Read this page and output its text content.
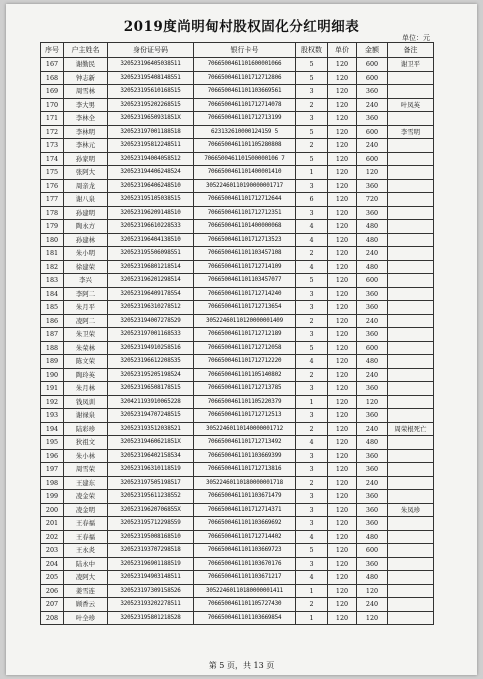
2019度尚明甸村股权固化分红明细表
单位：元
序号	户主姓名	身份证号码	银行卡号	股权数	单价	金额	备注
167	谢勤民	320523196405038511	7066500461101600001066	5	120	600	谢卫平
168	钟志新	320523195408148551	7066500461101712712806	5	120	600	
169	周雪林	320523195610168515	7066500461101103669561	3	120	360	
170	李大男	320523195202268515	7066500461101712714078	2	120	240	叶凤英
171	李林全	32052319650931851X	7066500461101712713199	3	120	360	
172	李林明	320523197001188518	623132610000124159 5	5	120	600	李雪明
173	李林元	320523195812248511	7066500461101105280808	2	120	240	
174	孙家明	320523194004058512	7066500461101500000106 7	5	120	600	
175	张阿大	320523194406248524	7066500461101400001410	1	120	120	
176	周亲龙	320523196406248510	30522460110190000001717	3	120	360	
177	谢八泉	320523195105038515	7066500461101712712644	6	120	720	
178	孙建明	320523196209148510	7066500461101712712351	3	120	360	
179	陶永方	320523196610228533	7066500461101400000068	4	120	480	
180	孙建林	320523196404138510	7066500461101712713523	4	120	480	
181	朱小明	320523195506098551	7066500461101103457108	2	120	240	
182	徐建荣	320523196801218514	7066500461101712714109	4	120	480	
183	李兴	320523196201298514	7066500461101103457077	5	120	600	
184	李阿二	320523196409178554	7066500461101712714240	3	120	360	
185	朱月平	320523196310278512	7066500461101712713654	3	120	360	
186	凌阿二	320523194007278529	30522460110120000001409	2	120	240	
187	朱卫荣	320523197001168533	7066500461101712712189	3	120	360	
188	朱荣林	320523194910258516	7066500461101712712058	5	120	600	
189	陈文荣	320523196612208535	7066500461101712712220	4	120	480	
190	陶玲英	320523195205198524	7066500461101105140802	2	120	240	
191	朱月林	320523196508178515	7066500461101712713785	3	120	360	
192	钱凤训	320421193910065228	7066500461101105220379	1	120	120	
193	谢禄泉	320523194707248515	7066500461101712712513	3	120	360	
194	陆彩珍	320523193512038521	30522460110140000001712	2	120	240	周荣根死亡
195	狄祖文	32052319460621851X	7066500461101712713492	4	120	480	
196	朱小林	320523196402158534	7066500461101103669399	3	120	360	
197	周雪荣	320523196310118519	7066500461101712713816	3	120	360	
198	王建东	320523197505198517	30522460110180000001718	2	120	240	
199	凌金荣	320523195611238552	7066500461101103671479	3	120	360	
200	凌金明	32052319620706855X	7066500461101712714371	3	120	360	朱凤珍
201	王春福	320523195712298559	7066500461101103669692	3	120	360	
202	王春福	320523195008168510	7066500461101712714402	4	120	480	
203	王永炎	320523193707298518	7066500461101103669723	5	120	600	
204	陆永中	320523196901188519	7066500461101103670176	3	120	360	
205	凌阿大	320523194903148511	7066500461101103671217	4	120	480	
206	姜雪连	320523197309158526	30522460110180000001411	1	120	120	
207	顾香云	320523193202278511	7066500461101105727430	2	120	240	
208	叶全珍	320523195801218528	7066500461101103669854	1	120	120	
第 5 页，共 13 页
